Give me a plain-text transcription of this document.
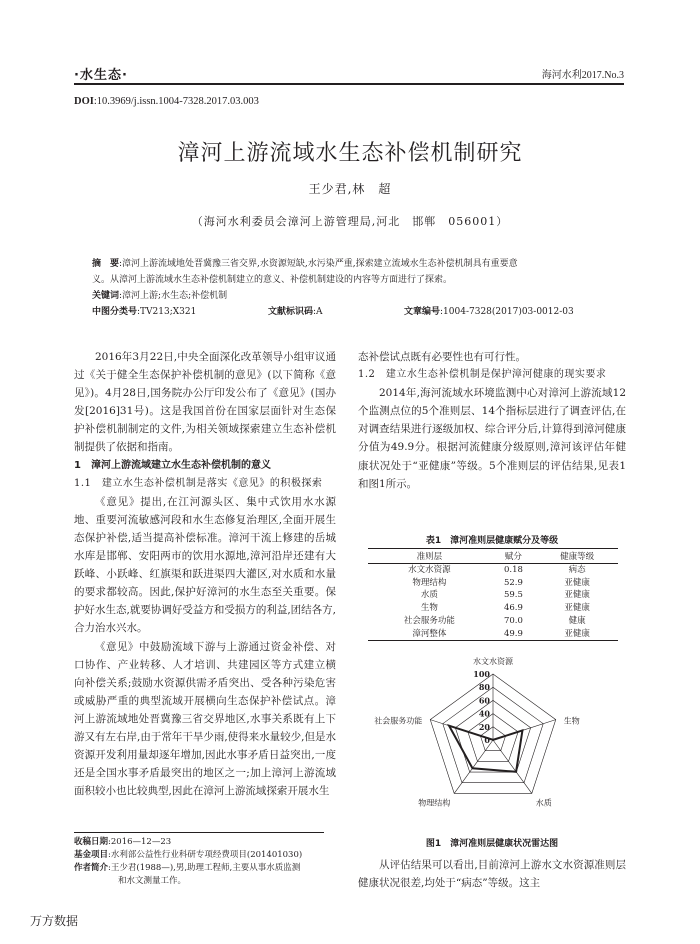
·水生态·	海河水利2017.No.3
DOI:10.3969/j.issn.1004-7328.2017.03.003
漳河上游流域水生态补偿机制研究
王少君,林　超
（海河水利委员会漳河上游管理局,河北　邯郸　056001）
摘　要:漳河上游流域地处晋冀豫三省交界,水资源短缺,水污染严重,探索建立流域水生态补偿机制具有重要意
义。从漳河上游流域水生态补偿机制建立的意义、补偿机制建设的内容等方面进行了探索。
关键词:漳河上游;水生态;补偿机制
中图分类号:TV213;X321	文献标识码:A	文章编号:1004-7328(2017)03-0012-03

2016年3月22日,中央全面深化改革领导小组审议通过《关于健全生态保护补偿机制的意见》(以下简称《意见》)。4月28日,国务院办公厅印发公布了《意见》(国办发[2016]31号)。这是我国首份在国家层面针对生态保护补偿机制制定的文件,为相关领域探索建立生态补偿机制提供了依据和指南。

1　漳河上游流域建立水生态补偿机制的意义

1.1　建立水生态补偿机制是落实《意见》的积极探索

《意见》提出,在江河源头区、集中式饮用水水源地、重要河流敏感河段和水生态修复治理区,全面开展生态保护补偿,适当提高补偿标准。漳河干流上修建的岳城水库是邯郸、安阳两市的饮用水源地,漳河沿岸还建有大跃峰、小跃峰、红旗渠和跃进渠四大灌区,对水质和水量的要求都较高。因此,保护好漳河的水生态至关重要。保护好水生态,就要协调好受益方和受损方的利益,团结各方,合力治水兴水。

《意见》中鼓励流域下游与上游通过资金补偿、对口协作、产业转移、人才培训、共建园区等方式建立横向补偿关系;鼓励水资源供需矛盾突出、受各种污染危害或威胁严重的典型流域开展横向生态保护补偿试点。漳河上游流域地处晋冀豫三省交界地区,水事关系既有上下游又有左右岸,由于常年干旱少雨,使得来水量较少,但是水资源开发利用量却逐年增加,因此水事矛盾日益突出,一度还是全国水事矛盾最突出的地区之一;加上漳河上游流域面积较小也比较典型,因此在漳河上游流域探索开展水生

态补偿试点既有必要性也有可行性。

1.2　建立水生态补偿机制是保护漳河健康的现实要求

2014年,海河流域水环境监测中心对漳河上游流域12个监测点位的5个准则层、14个指标层进行了调查评估,在对调查结果进行逐级加权、综合评分后,计算得到漳河健康分值为49.9分。根据河流健康分级原则,漳河该评估年健康状况处于“亚健康”等级。5个准则层的评估结果,见表1和图1所示。

表1　漳河准则层健康赋分及等级
准则层	赋分	健康等级
水文水资源	0.18	病态
物理结构	52.9	亚健康
水质	59.5	亚健康
生物	46.9	亚健康
社会服务功能	70.0	健康
漳河整体	49.9	亚健康
0
20
40
60
80
100
水文水资源
生物
水质
物理结构
社会服务功能
图1　漳河准则层健康状况雷达图
收稿日期:2016—12—23
基金项目:水利部公益性行业科研专项经费项目(201401030)
作者简介:王少君(1988—),男,助理工程师,主要从事水质监测
和水文测量工作。

从评估结果可以看出,目前漳河上游水文水资源准则层健康状况很差,均处于“病态”等级。这主

万方数据
